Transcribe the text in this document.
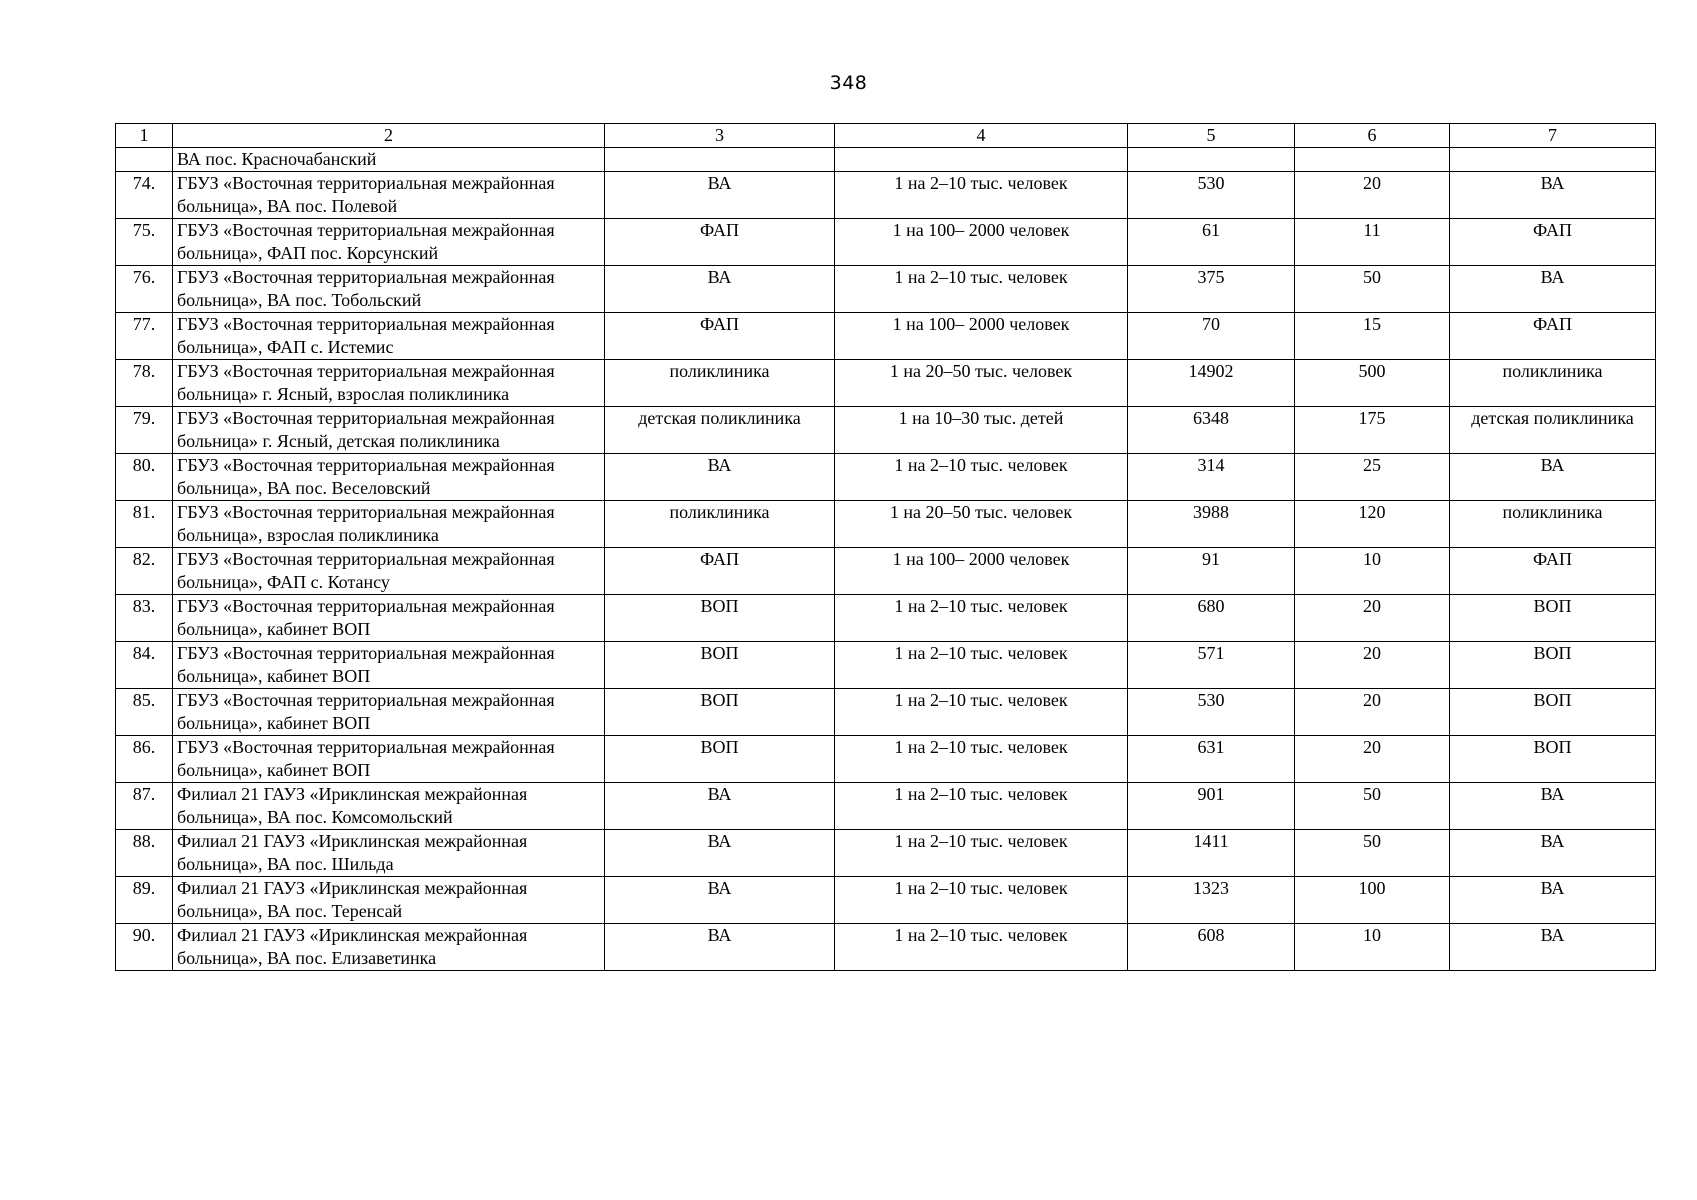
348
1	2	3	4	5	6	7
	ВА пос. Красночабанский					
74.	ГБУЗ «Восточная территориальная межрайонная больница», ВА пос. Полевой	ВА	1 на 2–10 тыс. человек	530	20	ВА
75.	ГБУЗ «Восточная территориальная межрайонная больница», ФАП пос. Корсунский	ФАП	1 на 100– 2000 человек	61	11	ФАП
76.	ГБУЗ «Восточная территориальная межрайонная больница», ВА пос. Тобольский	ВА	1 на 2–10 тыс. человек	375	50	ВА
77.	ГБУЗ «Восточная территориальная межрайонная больница», ФАП с. Истемис	ФАП	1 на 100– 2000 человек	70	15	ФАП
78.	ГБУЗ «Восточная территориальная межрайонная больница» г. Ясный, взрослая поликлиника	поликлиника	1 на 20–50 тыс. человек	14902	500	поликлиника
79.	ГБУЗ «Восточная территориальная межрайонная больница» г. Ясный, детская поликлиника	детская поликлиника	1 на 10–30 тыс. детей	6348	175	детская поликлиника
80.	ГБУЗ «Восточная территориальная межрайонная больница», ВА пос. Веселовский	ВА	1 на 2–10 тыс. человек	314	25	ВА
81.	ГБУЗ «Восточная территориальная межрайонная больница», взрослая поликлиника	поликлиника	1 на 20–50 тыс. человек	3988	120	поликлиника
82.	ГБУЗ «Восточная территориальная межрайонная больница», ФАП с. Котансу	ФАП	1 на 100– 2000 человек	91	10	ФАП
83.	ГБУЗ «Восточная территориальная межрайонная больница», кабинет ВОП	ВОП	1 на 2–10 тыс. человек	680	20	ВОП
84.	ГБУЗ «Восточная территориальная межрайонная больница», кабинет ВОП	ВОП	1 на 2–10 тыс. человек	571	20	ВОП
85.	ГБУЗ «Восточная территориальная межрайонная больница», кабинет ВОП	ВОП	1 на 2–10 тыс. человек	530	20	ВОП
86.	ГБУЗ «Восточная территориальная межрайонная больница», кабинет ВОП	ВОП	1 на 2–10 тыс. человек	631	20	ВОП
87.	Филиал 21 ГАУЗ «Ириклинская межрайонная больница», ВА пос. Комсомольский	ВА	1 на 2–10 тыс. человек	901	50	ВА
88.	Филиал 21 ГАУЗ «Ириклинская межрайонная больница», ВА пос. Шильда	ВА	1 на 2–10 тыс. человек	1411	50	ВА
89.	Филиал 21 ГАУЗ «Ириклинская межрайонная больница», ВА пос. Теренсай	ВА	1 на 2–10 тыс. человек	1323	100	ВА
90.	Филиал 21 ГАУЗ «Ириклинская межрайонная больница», ВА пос. Елизаветинка	ВА	1 на 2–10 тыс. человек	608	10	ВА
